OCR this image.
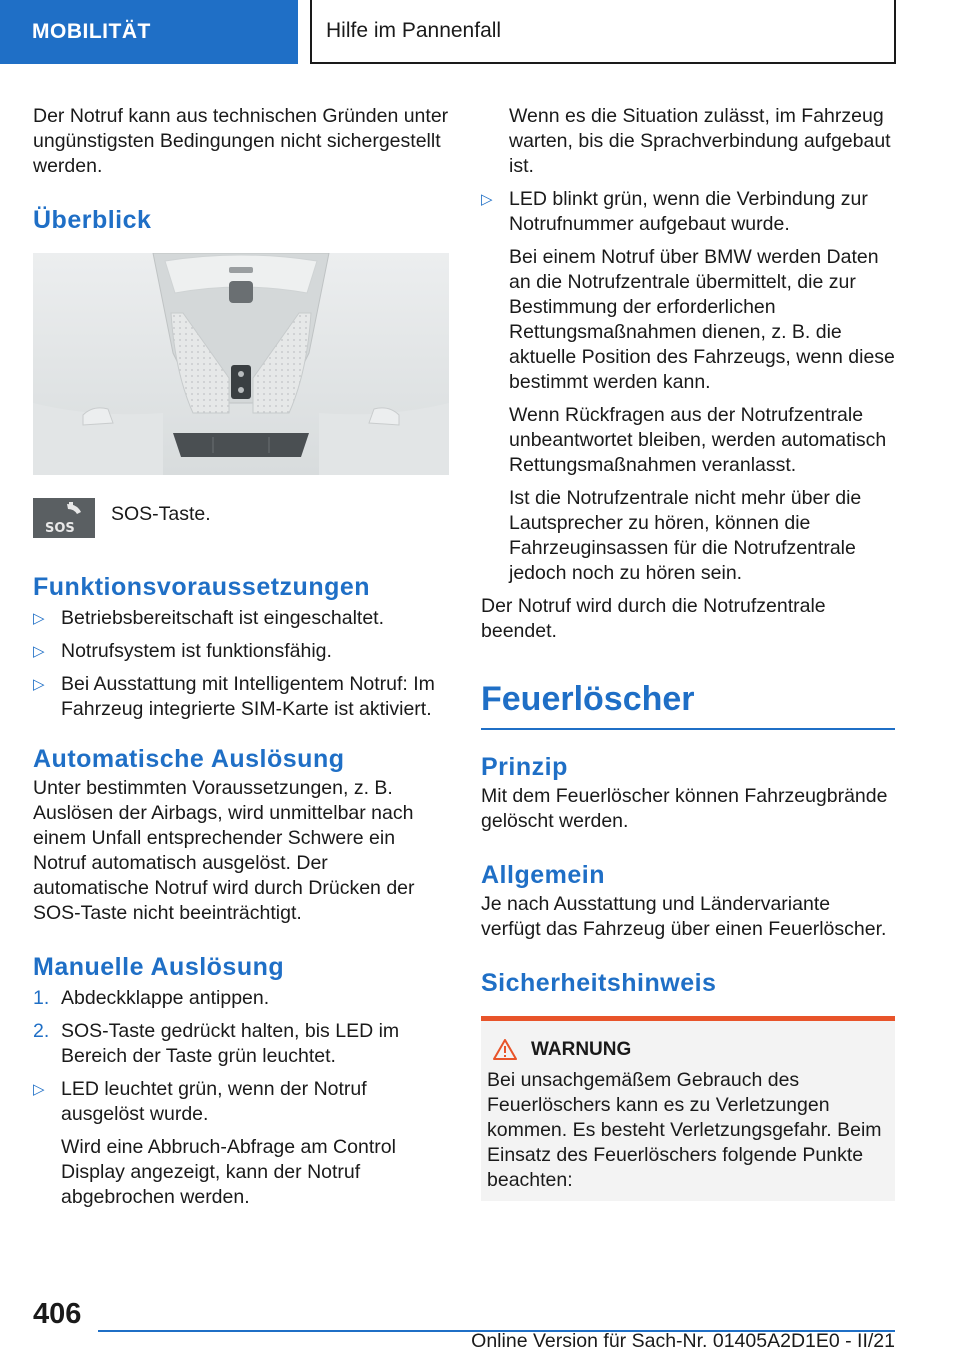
MOBILITÄT	Hilfe im Pannenfall

Der Notruf kann aus technischen Gründen unter ungünstigsten Bedingungen nicht sichergestellt werden.

Überblick
SOS
SOS-Taste.
Funktionsvoraussetzungen
▷ Betriebsbereitschaft ist eingeschaltet.
▷ Notrufsystem ist funktionsfähig.
▷ Bei Ausstattung mit Intelligentem Notruf: Im Fahrzeug integrierte SIM-Karte ist aktiviert.
Automatische Auslösung

Unter bestimmten Voraussetzungen, z. B. Auslösen der Airbags, wird unmittelbar nach einem Unfall entsprechender Schwere ein Notruf automatisch ausgelöst. Der automatische Notruf wird durch Drücken der SOS-Taste nicht beeinträchtigt.

Manuelle Auslösung
1. Abdeckklappe antippen.
2. SOS-Taste gedrückt halten, bis LED im Bereich der Taste grün leuchtet.
▷ LED leuchtet grün, wenn der Notruf ausgelöst wurde.

Wird eine Abbruch-Abfrage am Control Display angezeigt, kann der Notruf abgebrochen werden.

Wenn es die Situation zulässt, im Fahrzeug warten, bis die Sprachverbindung aufgebaut ist.

▷ LED blinkt grün, wenn die Verbindung zur Notrufnummer aufgebaut wurde.

Bei einem Notruf über BMW werden Daten an die Notrufzentrale übermittelt, die zur Bestimmung der erforderlichen Rettungsmaßnahmen dienen, z. B. die aktuelle Position des Fahrzeugs, wenn diese bestimmt werden kann.

Wenn Rückfragen aus der Notrufzentrale unbeantwortet bleiben, werden automatisch Rettungsmaßnahmen veranlasst.

Ist die Notrufzentrale nicht mehr über die Lautsprecher zu hören, können die Fahrzeuginsassen für die Notrufzentrale jedoch noch zu hören sein.

Der Notruf wird durch die Notrufzentrale beendet.

Feuerlöscher
Prinzip

Mit dem Feuerlöscher können Fahrzeugbrände gelöscht werden.

Allgemein

Je nach Ausstattung und Ländervariante verfügt das Fahrzeug über einen Feuerlöscher.

Sicherheitshinweis
WARNUNG

Bei unsachgemäßem Gebrauch des Feuerlöschers kann es zu Verletzungen kommen. Es besteht Verletzungsgefahr. Beim Einsatz des Feuerlöschers folgende Punkte beachten:

406
Online Version für Sach-Nr. 01405A2D1E0 - II/21
